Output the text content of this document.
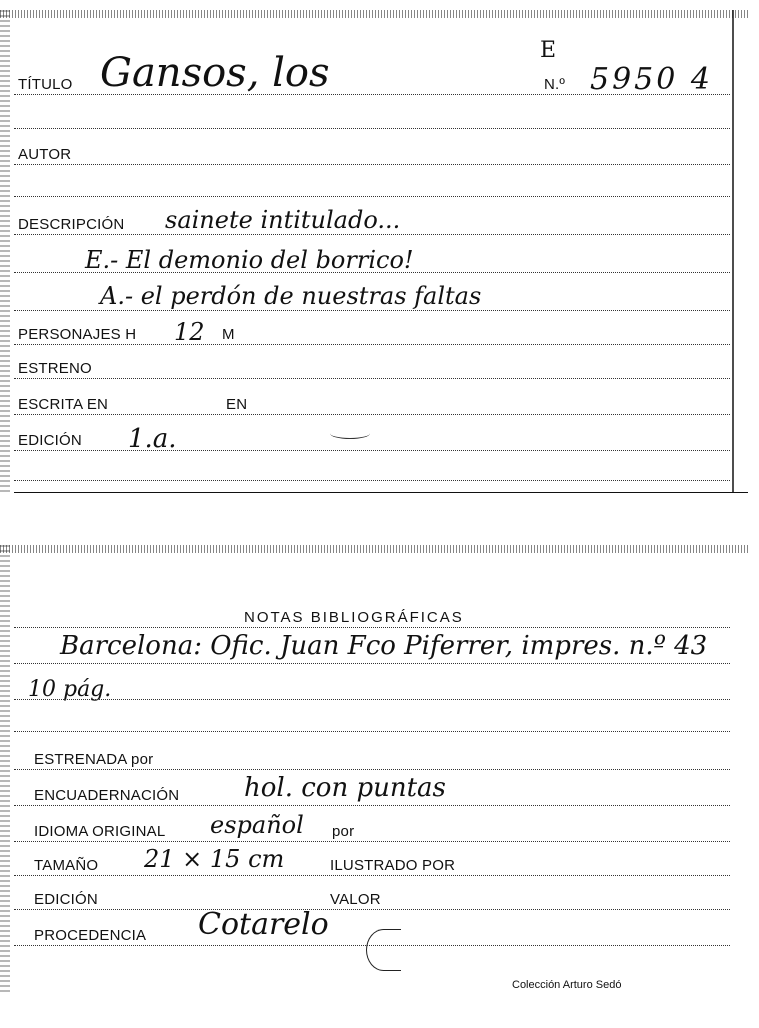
TÍTULO Gansos, los	E
N.º 5950 4
AUTOR
DESCRIPCIÓN sainete intitulado...
E.- El demonio del borrico!
A.- el perdón de nuestras faltas
PERSONAJES H 12 M
ESTRENO
ESCRITA EN	EN
EDICIÓN 1.a.
NOTAS BIBLIOGRÁFICAS
Barcelona: Ofic. Juan Fco Piferrer, impres. n.º 43
10 pág.
ESTRENADA por
ENCUADERNACIÓN hol. con puntas
IDIOMA ORIGINAL español por
TAMAÑO 21 × 15 cm	ILUSTRADO POR
EDICIÓN	VALOR
PROCEDENCIA Cotarelo
Colección Arturo Sedó
